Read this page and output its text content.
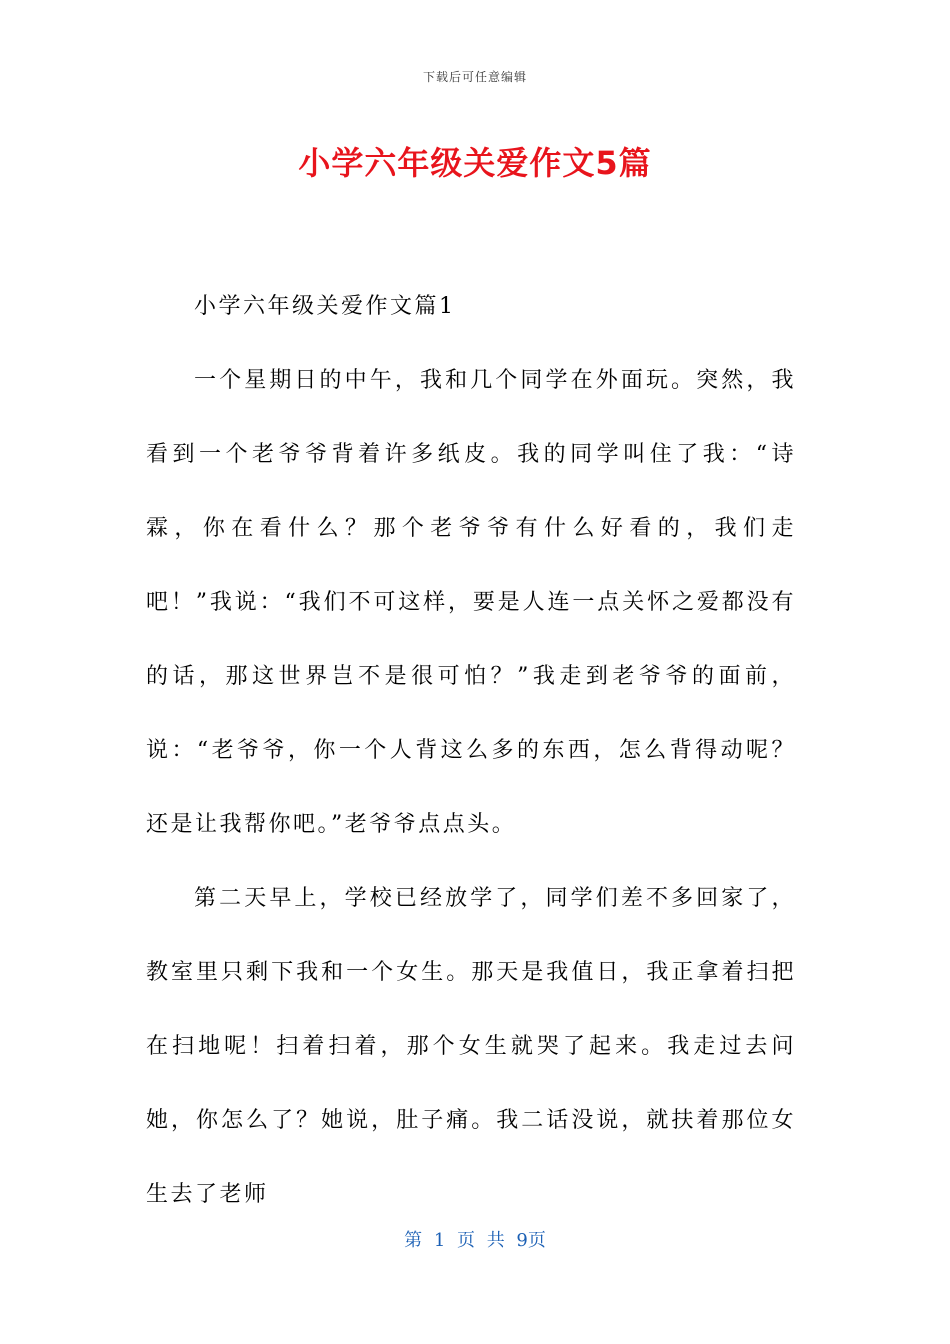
下载后可任意编辑
小学六年级关爱作文5篇

小学六年级关爱作文篇1

一个星期日的中午，我和几个同学在外面玩。突然，我看到一个老爷爷背着许多纸皮。我的同学叫住了我：“诗霖，你在看什么？那个老爷爷有什么好看的，我们走吧！”我说：“我们不可这样，要是人连一点关怀之爱都没有的话，那这世界岂不是很可怕？”我走到老爷爷的面前，说：“老爷爷，你一个人背这么多的东西，怎么背得动呢？还是让我帮你吧。”老爷爷点点头。

第二天早上，学校已经放学了，同学们差不多回家了，教室里只剩下我和一个女生。那天是我值日，我正拿着扫把在扫地呢！扫着扫着，那个女生就哭了起来。我走过去问她，你怎么了？她说，肚子痛。我二话没说，就扶着那位女生去了老师

第 1 页 共 9页
